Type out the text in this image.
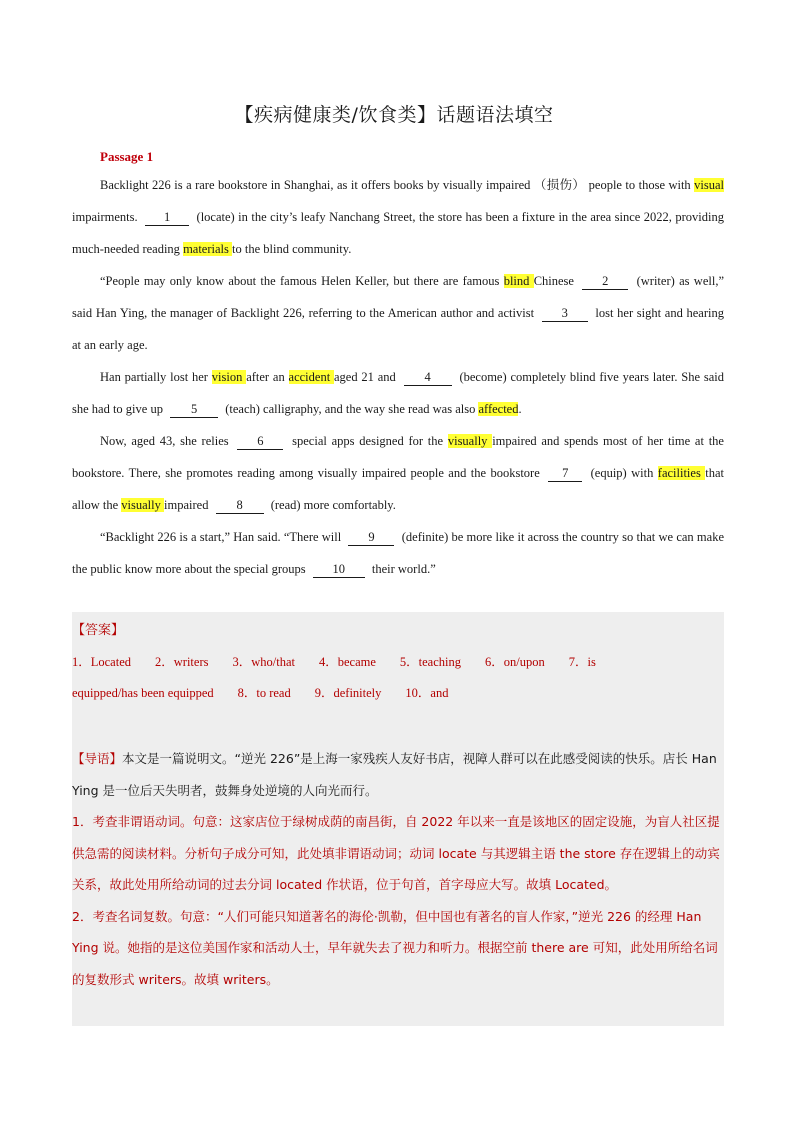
【疾病健康类/饮食类】话题语法填空
Passage 1
Backlight 226 is a rare bookstore in Shanghai, as it offers books by visually impaired （损伤） people to those with visual impairments. 1 (locate) in the city’s leafy Nanchang Street, the store has been a fixture in the area since 2022, providing much-needed reading materials to the blind community.
“People may only know about the famous Helen Keller, but there are famous blind Chinese 2 (writer) as well,” said Han Ying, the manager of Backlight 226, referring to the American author and activist 3 lost her sight and hearing at an early age.
Han partially lost her vision after an accident aged 21 and 4 (become) completely blind five years later. She said she had to give up 5 (teach) calligraphy, and the way she read was also affected.
Now, aged 43, she relies 6 special apps designed for the visually impaired and spends most of her time at the bookstore. There, she promotes reading among visually impaired people and the bookstore 7 (equip) with facilities that allow the visually impaired 8 (read) more comfortably.
“Backlight 226 is a start,” Han said. “There will 9 (definite) be more like it across the country so that we can make the public know more about the special groups 10 their world.”
【答案】
1．Located 2．writers 3．who/that 4．became 5．teaching 6．on/upon 7．is
equipped/has been equipped 8．to read 9．definitely 10．and

【导语】本文是一篇说明文。“逆光 226”是上海一家残疾人友好书店，视障人群可以在此感受阅读的快乐。店长 Han Ying 是一位后天失明者，鼓舞身处逆境的人向光而行。

1．考查非谓语动词。句意：这家店位于绿树成荫的南昌街，自 2022 年以来一直是该地区的固定设施，为盲人社区提供急需的阅读材料。分析句子成分可知，此处填非谓语动词；动词 locate 与其逻辑主语 the store 存在逻辑上的动宾关系，故此处用所给动词的过去分词 located 作状语，位于句首，首字母应大写。故填 Located。

2．考查名词复数。句意：“人们可能只知道著名的海伦·凯勒，但中国也有著名的盲人作家，”逆光 226 的经理 Han Ying 说。她指的是这位美国作家和活动人士，早年就失去了视力和听力。根据空前 there are 可知，此处用所给名词的复数形式 writers。故填 writers。
